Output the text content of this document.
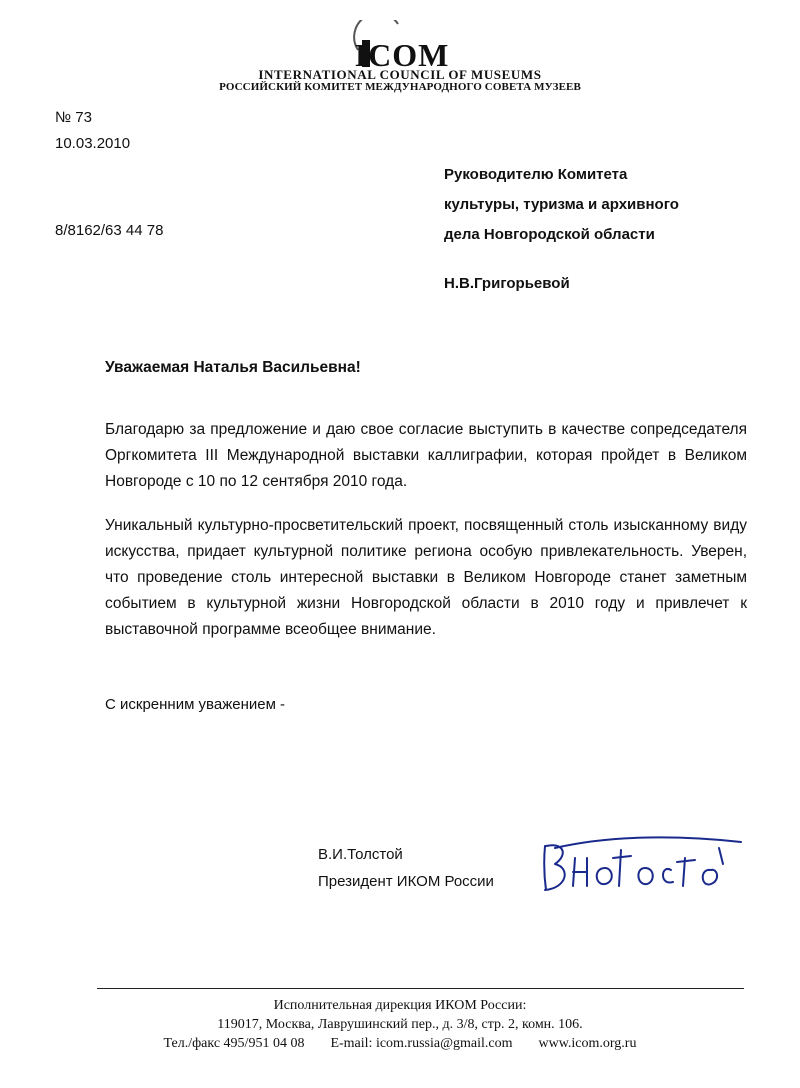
ICOM
INTERNATIONAL COUNCIL OF MUSEUMS
РОССИЙСКИЙ КОМИТЕТ МЕЖДУНАРОДНОГО СОВЕТА МУЗЕЕВ
№ 73
10.03.2010
8/8162/63 44 78
Руководителю Комитета
культуры, туризма и архивного
дела Новгородской области
Н.В.Григорьевой
Уважаемая Наталья Васильевна!

Благодарю за предложение и даю свое согласие выступить в качестве сопредседателя Оргкомитета III Международной выставки каллиграфии, которая пройдет в Великом Новгороде с 10 по 12 сентября 2010 года.

Уникальный культурно-просветительский проект, посвященный столь изысканному виду искусства, придает культурной политике региона особую привлекательность. Уверен, что проведение столь интересной выставки в Великом Новгороде станет заметным событием в культурной жизни Новгородской области в 2010 году и привлечет к выставочной программе всеобщее внимание.

С искренним уважением -
В.И.Толстой
Президент ИКОМ России
Исполнительная дирекция ИКОМ России:
119017, Москва, Лаврушинский пер., д. 3/8, стр. 2, комн. 106.
Тел./факс 495/951 04 08 E-mail: icom.russia@gmail.com www.icom.org.ru
